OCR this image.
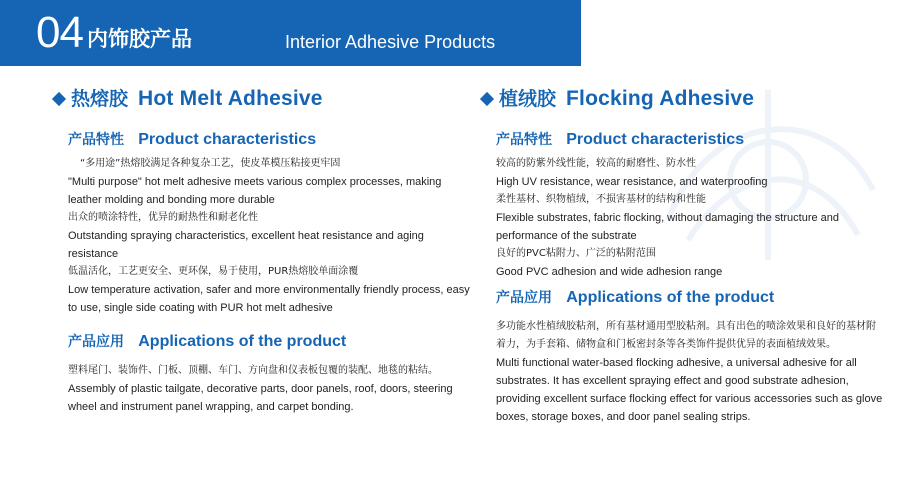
04 内饰胶产品	Interior Adhesive Products
热熔胶 Hot Melt Adhesive
产品特性 Product characteristics
“多用途”热熔胶满足各种复杂工艺，使皮革模压粘接更牢固
"Multi purpose" hot melt adhesive meets various complex processes, making leather molding and bonding more durable
出众的喷涂特性，优异的耐热性和耐老化性
Outstanding spraying characteristics, excellent heat resistance and aging resistance
低温活化，工艺更安全、更环保，易于使用，PUR热熔胶单面涂覆
Low temperature activation, safer and more environmentally friendly process, easy to use, single side coating with PUR hot melt adhesive
产品应用 Applications of the product
塑料尾门、装饰件、门板、顶棚、车门、方向盘和仪表板包覆的装配、地毯的粘结。
Assembly of plastic tailgate, decorative parts, door panels, roof, doors, steering wheel and instrument panel wrapping, and carpet bonding.
植绒胶 Flocking Adhesive
产品特性 Product characteristics
较高的防紫外线性能，较高的耐磨性、防水性
High UV resistance, wear resistance, and waterproofing
柔性基材、织物植绒，不损害基材的结构和性能
Flexible substrates, fabric flocking, without damaging the structure and performance of the substrate
良好的PVC粘附力、广泛的粘附范围
Good PVC adhesion and wide adhesion range
产品应用 Applications of the product
多功能水性植绒胶粘剂，所有基材通用型胶粘剂。具有出色的喷涂效果和良好的基材附着力，为手套箱、储物盒和门板密封条等各类饰件提供优异的表面植绒效果。
Multi functional water-based flocking adhesive, a universal adhesive for all substrates. It has excellent spraying effect and good substrate adhesion, providing excellent surface flocking effect for various accessories such as glove boxes, storage boxes, and door panel sealing strips.
